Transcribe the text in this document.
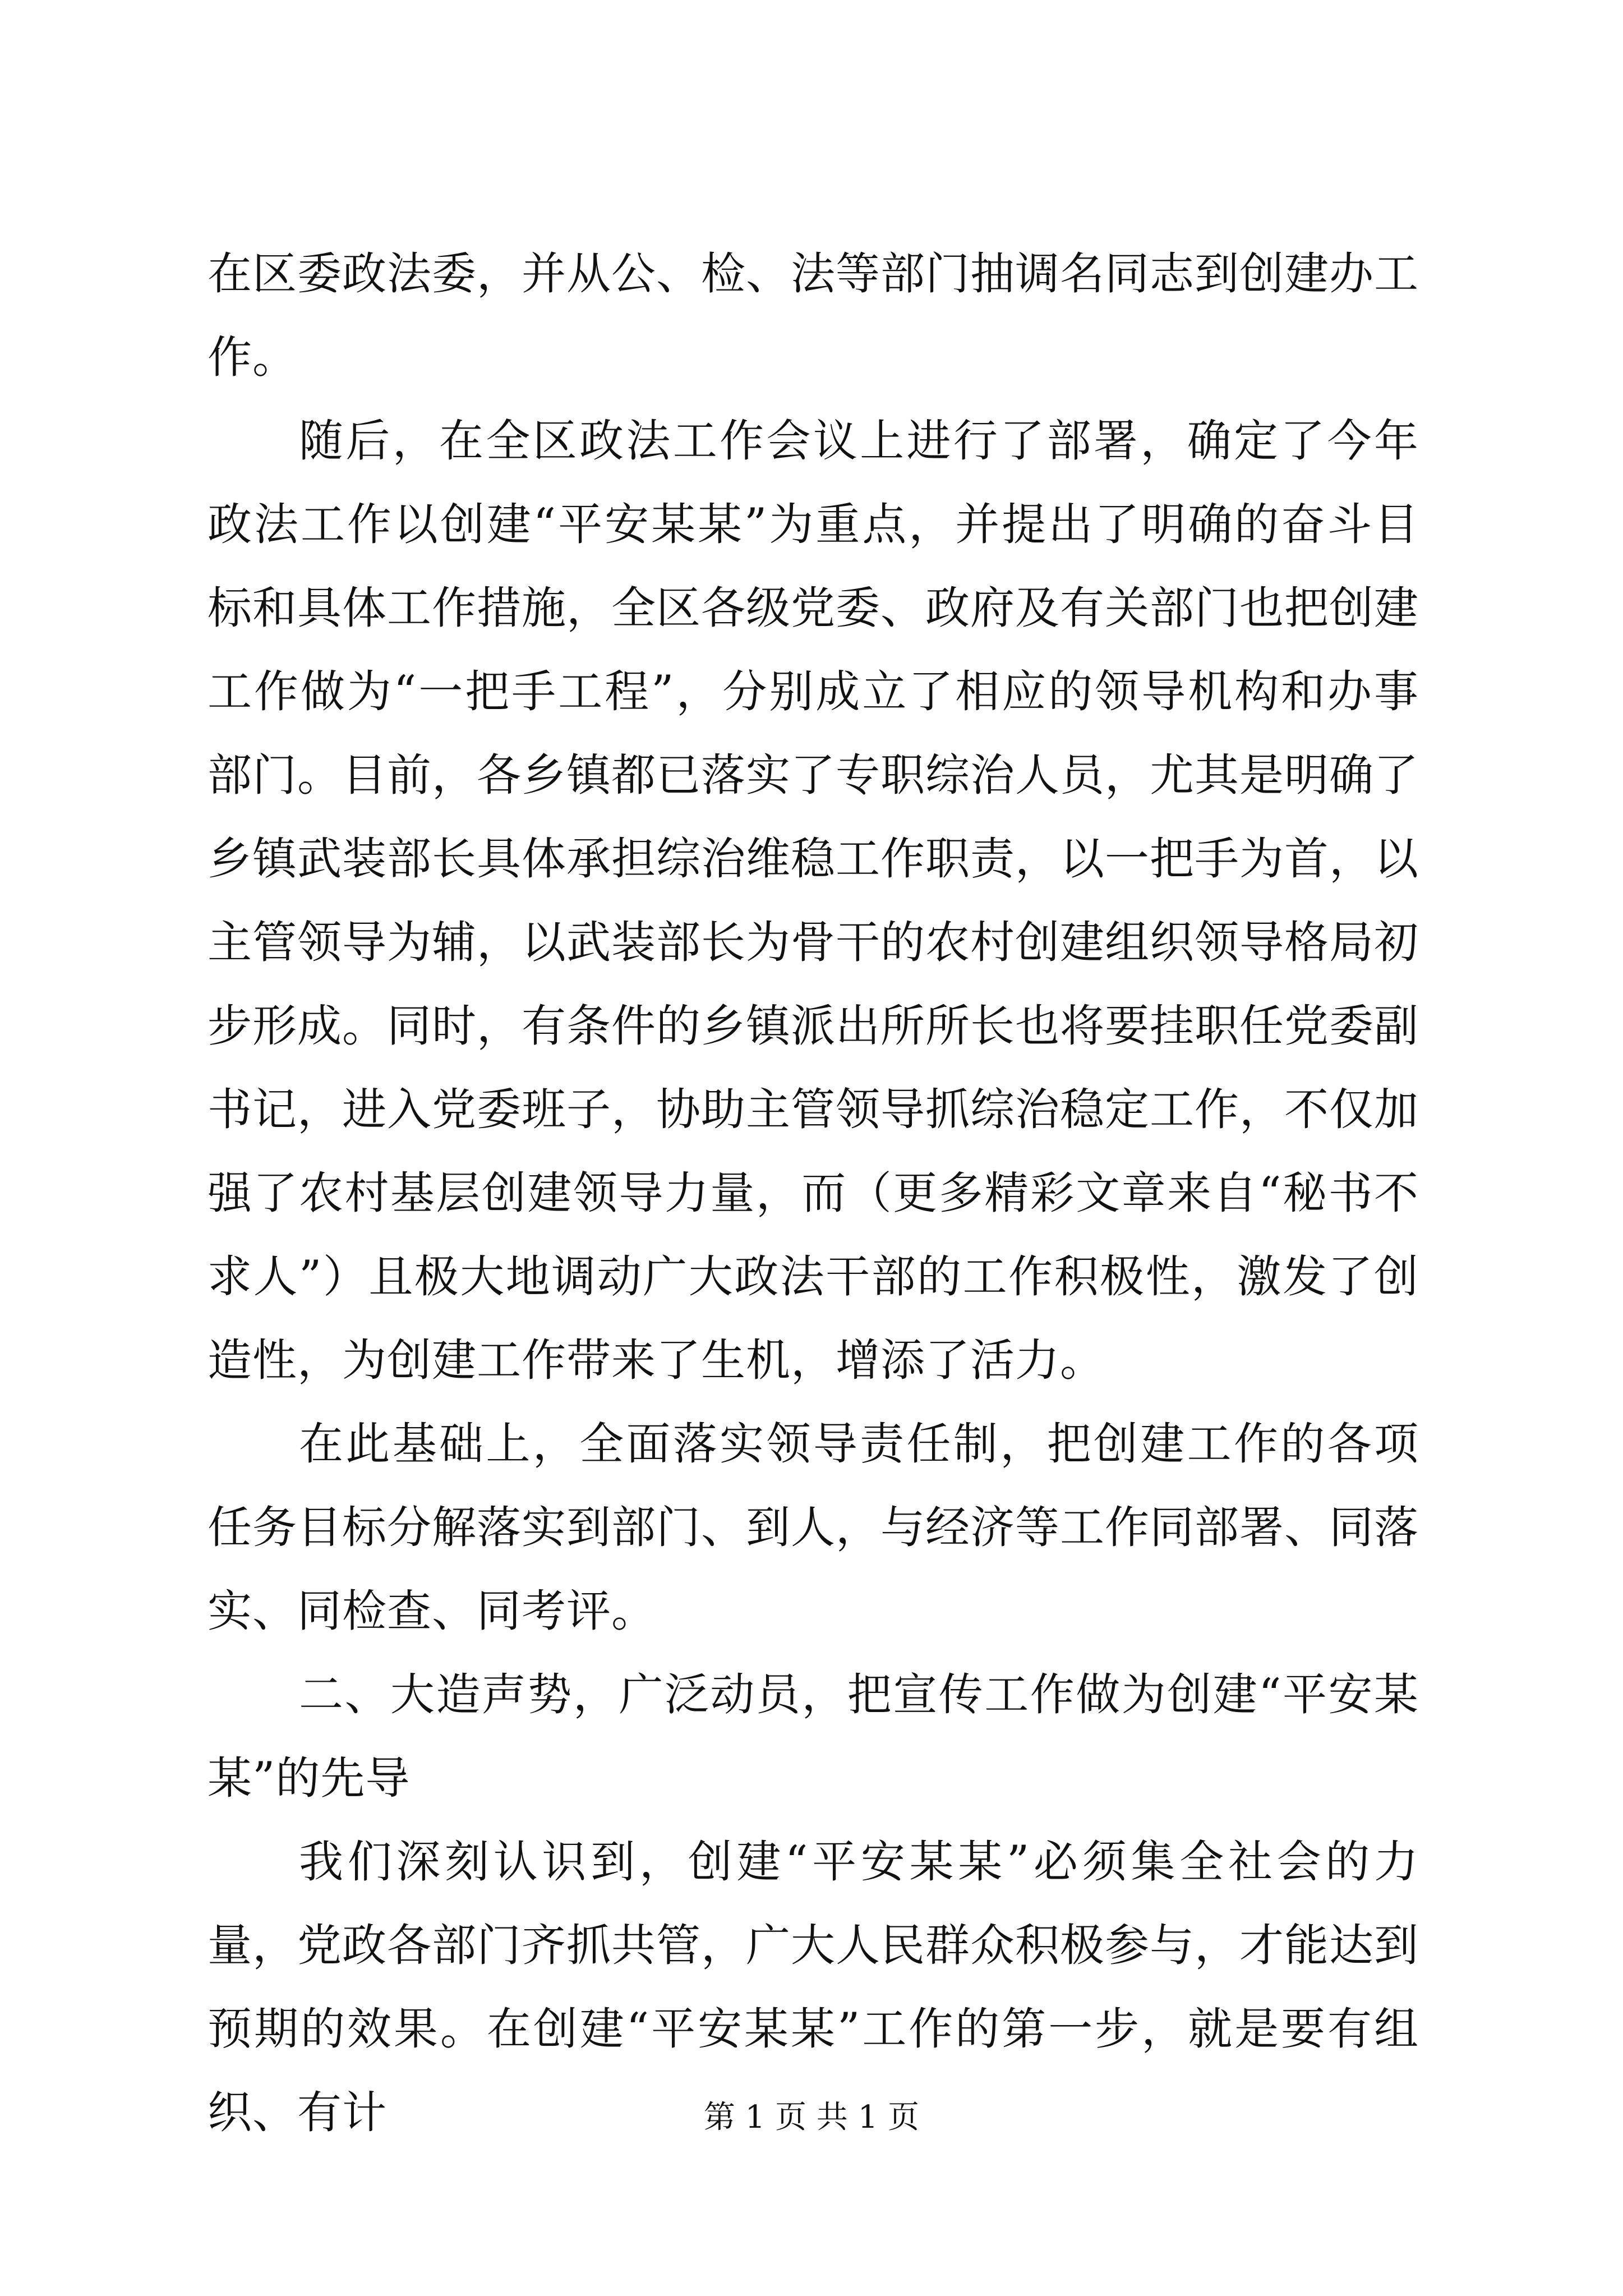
在区委政法委，并从公、检、法等部门抽调名同志到创建办工作。

随后，在全区政法工作会议上进行了部署，确定了今年政法工作以创建“平安某某”为重点，并提出了明确的奋斗目标和具体工作措施，全区各级党委、政府及有关部门也把创建工作做为“一把手工程”，分别成立了相应的领导机构和办事部门。目前，各乡镇都已落实了专职综治人员，尤其是明确了乡镇武装部长具体承担综治维稳工作职责，以一把手为首，以主管领导为辅，以武装部长为骨干的农村创建组织领导格局初步形成。同时，有条件的乡镇派出所所长也将要挂职任党委副书记，进入党委班子，协助主管领导抓综治稳定工作，不仅加强了农村基层创建领导力量，而（更多精彩文章来自“秘书不求人”）且极大地调动广大政法干部的工作积极性，激发了创造性，为创建工作带来了生机，增添了活力。

在此基础上，全面落实领导责任制，把创建工作的各项任务目标分解落实到部门、到人，与经济等工作同部署、同落实、同检查、同考评。

二、大造声势，广泛动员，把宣传工作做为创建“平安某某”的先导

我们深刻认识到，创建“平安某某”必须集全社会的力量，党政各部门齐抓共管，广大人民群众积极参与，才能达到预期的效果。在创建“平安某某”工作的第一步，就是要有组织、有计	第 1 页 共 1 页
